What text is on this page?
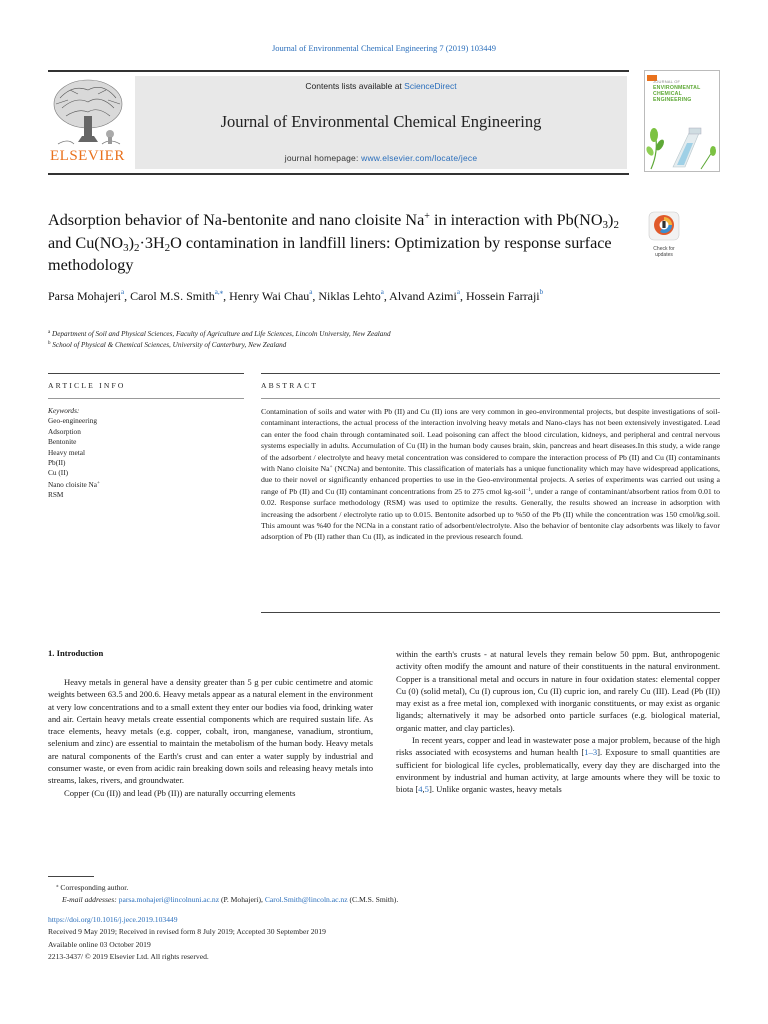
Journal of Environmental Chemical Engineering 7 (2019) 103449
ELSEVIER
Contents lists available at ScienceDirect
Journal of Environmental Chemical Engineering
journal homepage: www.elsevier.com/locate/jece
JOURNAL OF
ENVIRONMENTAL
CHEMICAL
ENGINEERING
Adsorption behavior of Na-bentonite and nano cloisite Na+ in interaction with $Pb(NO_3)_2$ and $Cu(NO_3)_2\cdot 3H_2O$ contamination in landfill liners: Optimization by response surface methodology
Check for
updates
Parsa Mohajeri$^a$, Carol M.S. Smith$^{a,⁎}$, Henry Wai Chau$^a$, Niklas Lehto$^a$, Alvand Azimi$^a$, Hossein Farraji$^b$
$^a$ Department of Soil and Physical Sciences, Faculty of Agriculture and Life Sciences, Lincoln University, New Zealand
$^b$ School of Physical & Chemical Sciences, University of Canterbury, New Zealand
ARTICLE INFO	ABSTRACT
Keywords:
Geo-engineering
Adsorption
Bentonite
Heavy metal
Pb(II)
Cu (II)
Nano cloisite Na+
RSM
Contamination of soils and water with Pb (II) and Cu (II) ions are very common in geo-environmental projects, but despite investigations of soil-contaminant interactions, the actual process of the interaction involving heavy metals and Nano-clays has not been extensively investigated. Lead can enter the food chain through contaminated soil. Lead poisoning can affect the blood circulation, kidneys, and peripheral and central nervous systems especially in adults. Accumulation of Cu (II) in the human body causes brain, skin, pancreas and heart diseases.In this study, a wide range of the adsorbent / electrolyte and heavy metal concentration was considered to compare the interaction process of Pb (II) and Cu (II) contaminants with Nano cloisite Na+ (NCNa) and bentonite. This classification of materials has a unique functionality which may have widespread applications, due to their novel or significantly enhanced properties to use in the Geo-environmental projects. A series of experiments was carried out using a range of Pb (II) and Cu (II) contaminant concentrations from 25 to 275 cmol kg-soil$^{-1}$, under a range of contaminant/absorbent ratios from 0.01 to 0.02. Response surface methodology (RSM) was used to optimize the results. Generally, the results showed an increase in adsorption with increasing the adsorbent / electrolyte ratio up to 0.015. Bentonite adsorbed up to %50 of the Pb (II) while the concentration was 150 cmol/kg.soil. This amount was %40 for the NCNa in a constant ratio of adsorbent/electrolyte. Also the behavior of bentonite clay adsorbents was likely to favor adsorption of Pb (II) rather than Cu (II), as indicated in the previous research found.
1. Introduction

Heavy metals in general have a density greater than 5 g per cubic centimetre and atomic weights between 63.5 and 200.6. Heavy metals appear as a natural element in the environment at very low concentrations and to a small extent they enter our bodies via food, drinking water and air. Certain heavy metals create essential components which are required sustain life. As trace elements, heavy metals (e.g. copper, cobalt, iron, manganese, vanadium, strontium, selenium and zinc) are essential to maintain the metabolism of the human body. Heavy metals are natural components of the Earth's crust and can enter a water supply by industrial and consumer waste, or even from acidic rain breaking down soils and releasing heavy metals into streams, lakes, rivers, and groundwater.

Copper (Cu (II)) and lead (Pb (II)) are naturally occurring elements

within the earth's crusts - at natural levels they remain below 50 ppm. But, anthropogenic activity often modify the amount and nature of their constituents in the natural environment. Copper is a transitional metal and occurs in nature in four oxidation states: elemental copper Cu (0) (solid metal), Cu (I) cuprous ion, Cu (II) cupric ion, and rarely Cu (III). Lead (Pb (II)) may exist as a free metal ion, complexed with inorganic constituents, or may exist as organic ligands; alternatively it may be adsorbed onto particle surfaces (e.g. biological material, organic matter, and clay particles).

In recent years, copper and lead in wastewater pose a major problem, because of the high risks associated with ecosystems and human health [1–3]. Exposure to small quantities are sufficient for biological life cycles, problematically, every day they are discharged into the environment by industrial and human activity, at large amounts where they will be toxic to biota [4,5]. Unlike organic wastes, heavy metals

⁎ Corresponding author.
E-mail addresses: parsa.mohajeri@lincolnuni.ac.nz (P. Mohajeri), Carol.Smith@lincoln.ac.nz (C.M.S. Smith).
https://doi.org/10.1016/j.jece.2019.103449
Received 9 May 2019; Received in revised form 8 July 2019; Accepted 30 September 2019
Available online 03 October 2019
2213-3437/ © 2019 Elsevier Ltd. All rights reserved.
